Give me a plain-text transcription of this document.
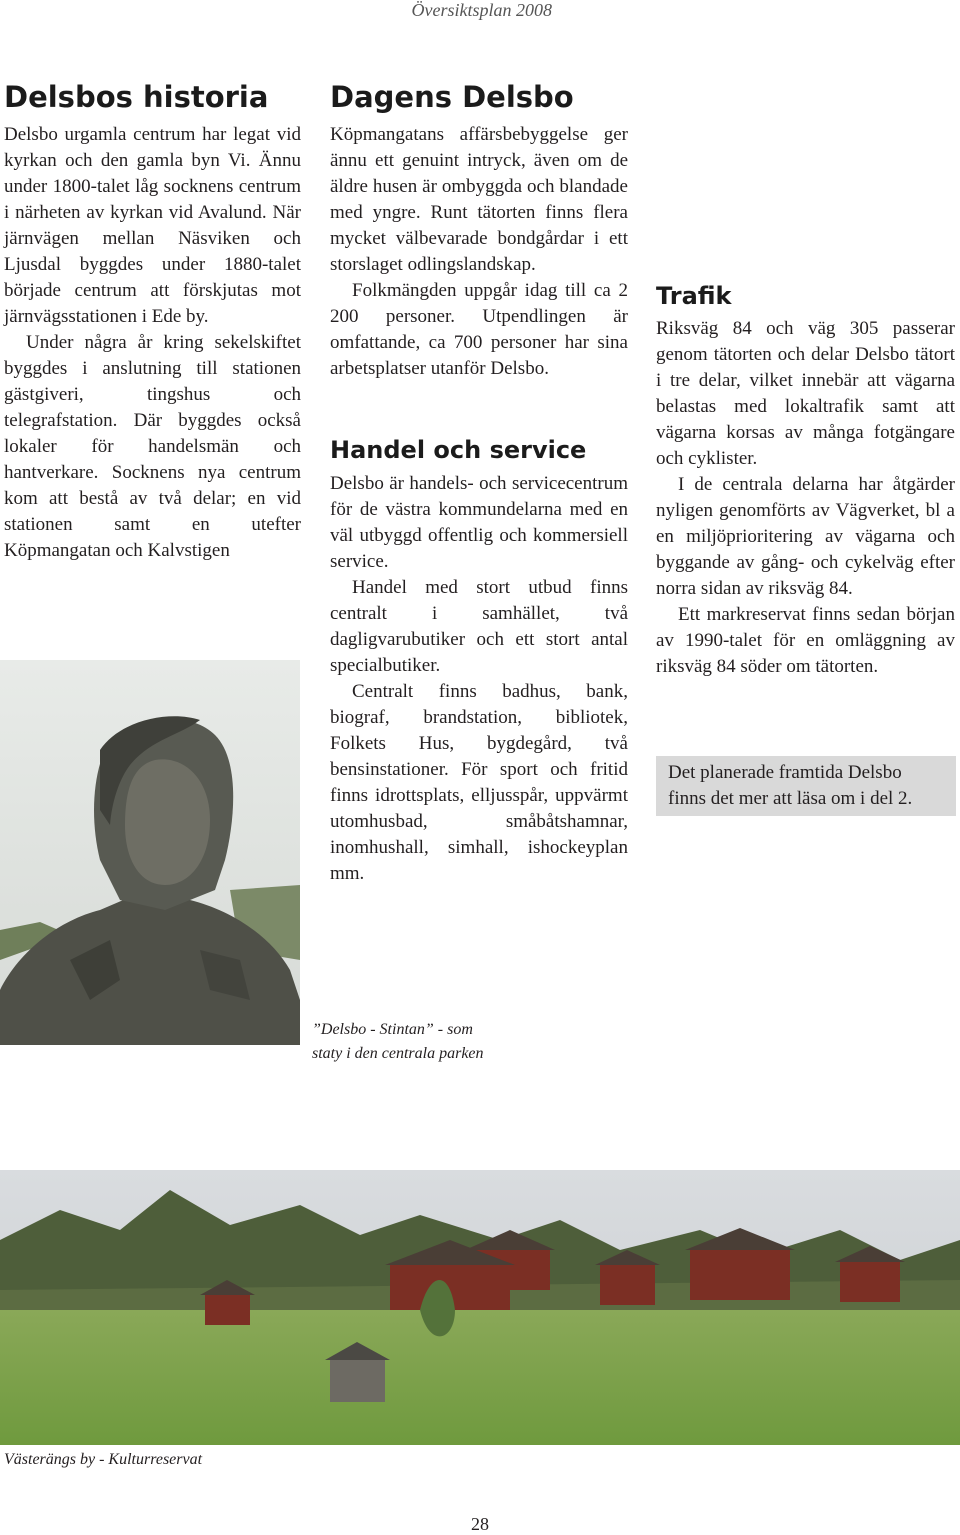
Översiktsplan 2008
Delsbos historia

Delsbo urgamla centrum har legat vid kyrkan och den gamla byn Vi. Ännu under 1800-talet låg socknens centrum i närheten av kyrkan vid Avalund. När järnvägen mellan Näsviken och Ljusdal byggdes under 1880-talet började centrum att förskjutas mot järnvägsstationen i Ede by.

Under några år kring sekelskiftet byggdes i anslutning till stationen gästgiveri, tingshus och telegrafstation. Där byggdes också lokaler för handelsmän och hantverkare. Socknens nya centrum kom att bestå av två delar; en vid stationen samt en utefter Köpmangatan och Kalvstigen

Dagens Delsbo

Köpmangatans affärsbebyggelse ger ännu ett genuint intryck, även om de äldre husen är ombyggda och blandade med yngre. Runt tätorten finns flera mycket välbevarade bondgårdar i ett storslaget odlingslandskap.

Folkmängden uppgår idag till ca 2 200 personer. Utpendlingen är omfattande, ca 700 personer har sina arbetsplatser utanför Delsbo.

Handel och service

Delsbo är handels- och servicecentrum för de västra kommundelarna med en väl utbyggd offentlig och kommersiell service.

Handel med stort utbud finns centralt i samhället, två dagligvarubutiker och ett stort antal specialbutiker.

Centralt finns badhus, bank, biograf, brandstation, bibliotek, Folkets Hus, bygdegård, två bensinstationer. För sport och fritid finns idrottsplats, elljusspår, uppvärmt utomhusbad, småbåtshamnar, inomhushall, simhall, ishockeyplan mm.

Trafik

Riksväg 84 och väg 305 passerar genom tätorten och delar Delsbo tätort i tre delar, vilket innebär att vägarna belastas med lokaltrafik samt att vägarna korsas av många fotgängare och cyklister.

I de centrala delarna har åtgärder nyligen genomförts av Vägverket, bl a en miljöprioritering av vägarna och byggande av gång- och cykelväg efter norra sidan av riksväg 84.

Ett markreservat finns sedan början av 1990-talet för en omläggning av riksväg 84 söder om tätorten.

Det planerade framtida Delsbo finns det mer att läsa om i del 2.
”Delsbo - Stintan” - som
staty i den centrala parken
Västerängs by - Kulturreservat
28
